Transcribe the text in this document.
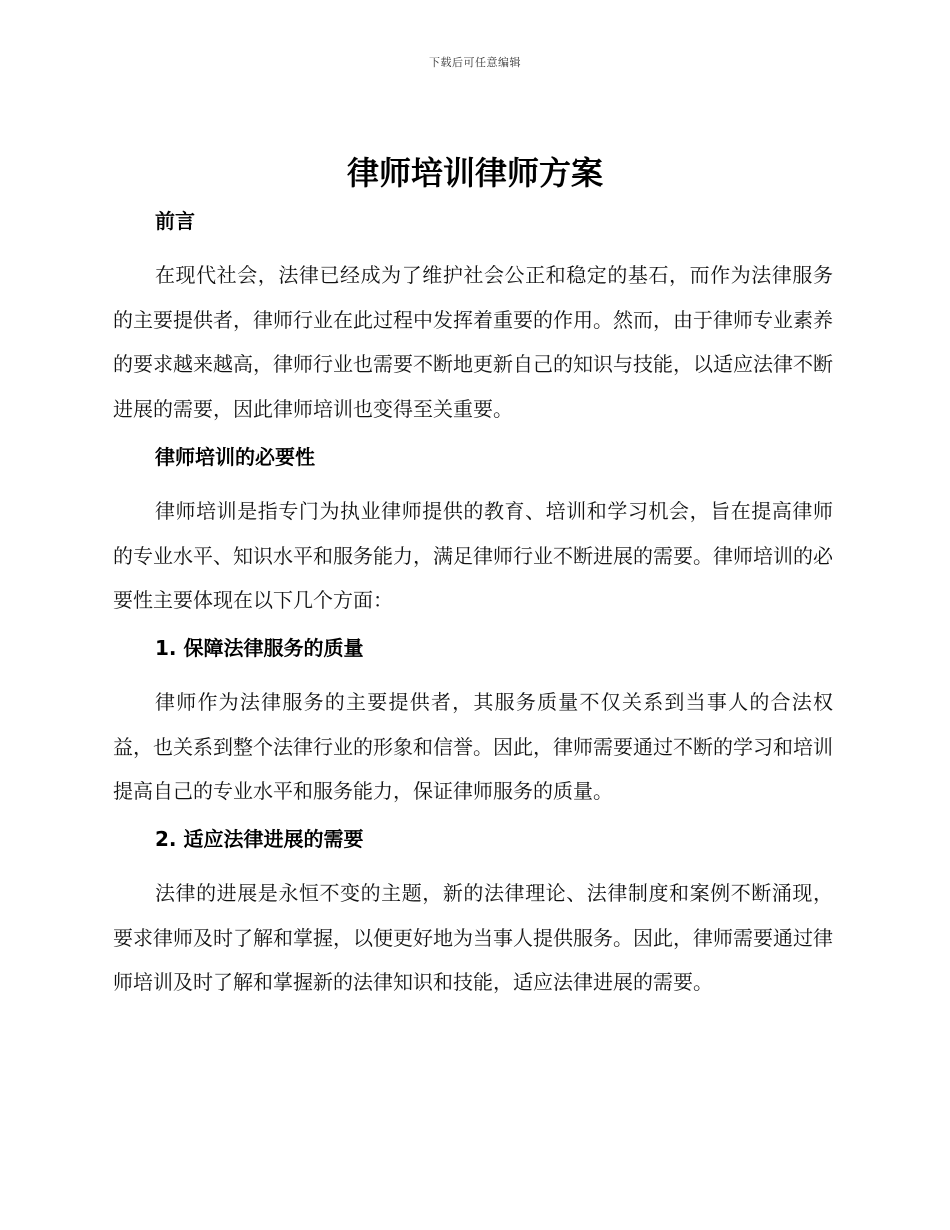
下载后可任意编辑
律师培训律师方案
前言

在现代社会，法律已经成为了维护社会公正和稳定的基石，而作为法律服务的主要提供者，律师行业在此过程中发挥着重要的作用。然而，由于律师专业素养的要求越来越高，律师行业也需要不断地更新自己的知识与技能，以适应法律不断进展的需要，因此律师培训也变得至关重要。

律师培训的必要性

律师培训是指专门为执业律师提供的教育、培训和学习机会，旨在提高律师的专业水平、知识水平和服务能力，满足律师行业不断进展的需要。律师培训的必要性主要体现在以下几个方面：

1. 保障法律服务的质量

律师作为法律服务的主要提供者，其服务质量不仅关系到当事人的合法权益，也关系到整个法律行业的形象和信誉。因此，律师需要通过不断的学习和培训提高自己的专业水平和服务能力，保证律师服务的质量。

2. 适应法律进展的需要

法律的进展是永恒不变的主题，新的法律理论、法律制度和案例不断涌现，要求律师及时了解和掌握，以便更好地为当事人提供服务。因此，律师需要通过律师培训及时了解和掌握新的法律知识和技能，适应法律进展的需要。
